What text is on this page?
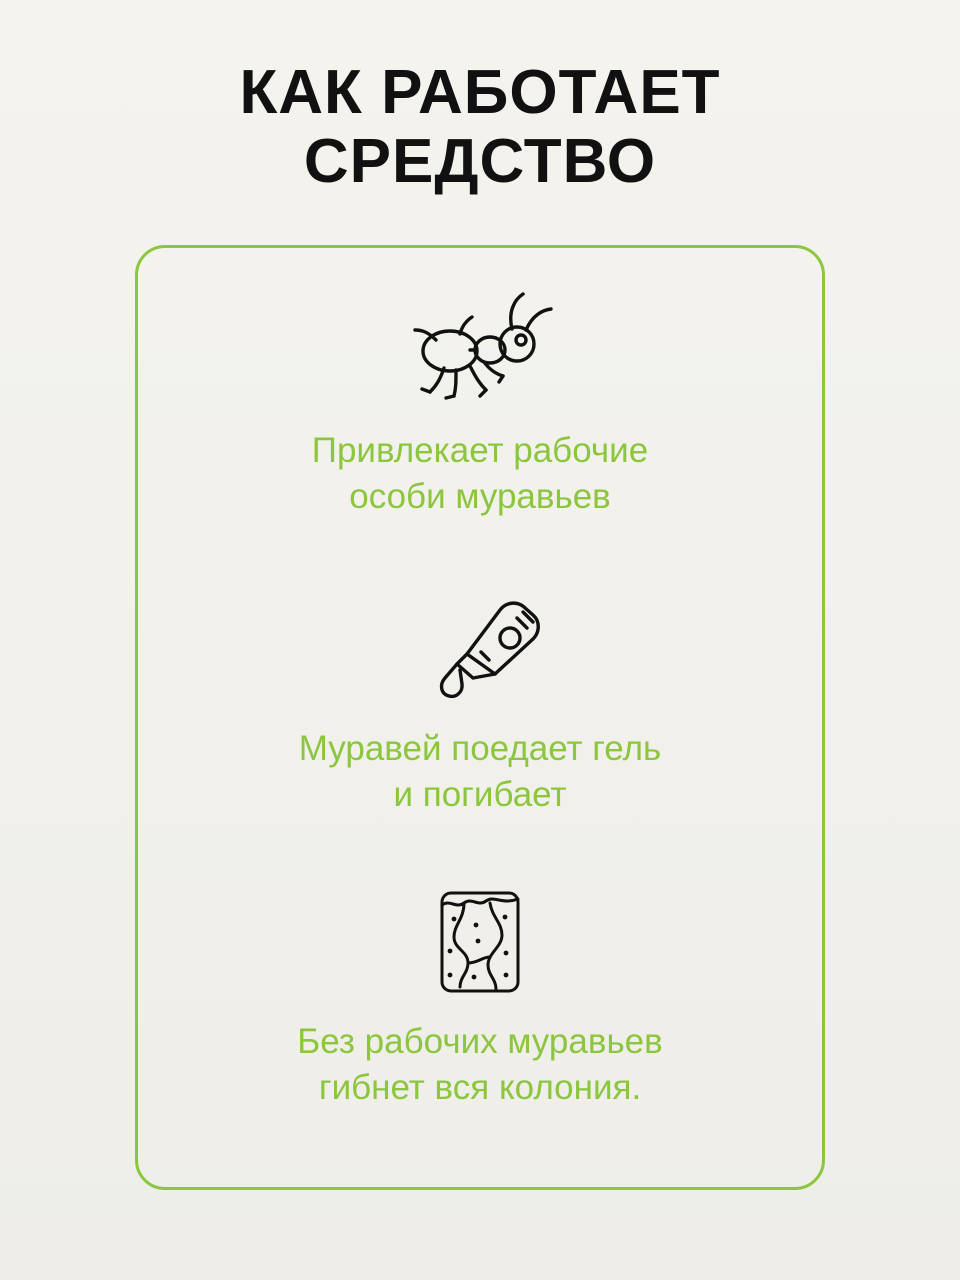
КАК РАБОТАЕТ
СРЕДСТВО
Привлекает рабочие
особи муравьев
Муравей поедает гель
и погибает
Без рабочих муравьев
гибнет вся колония.
